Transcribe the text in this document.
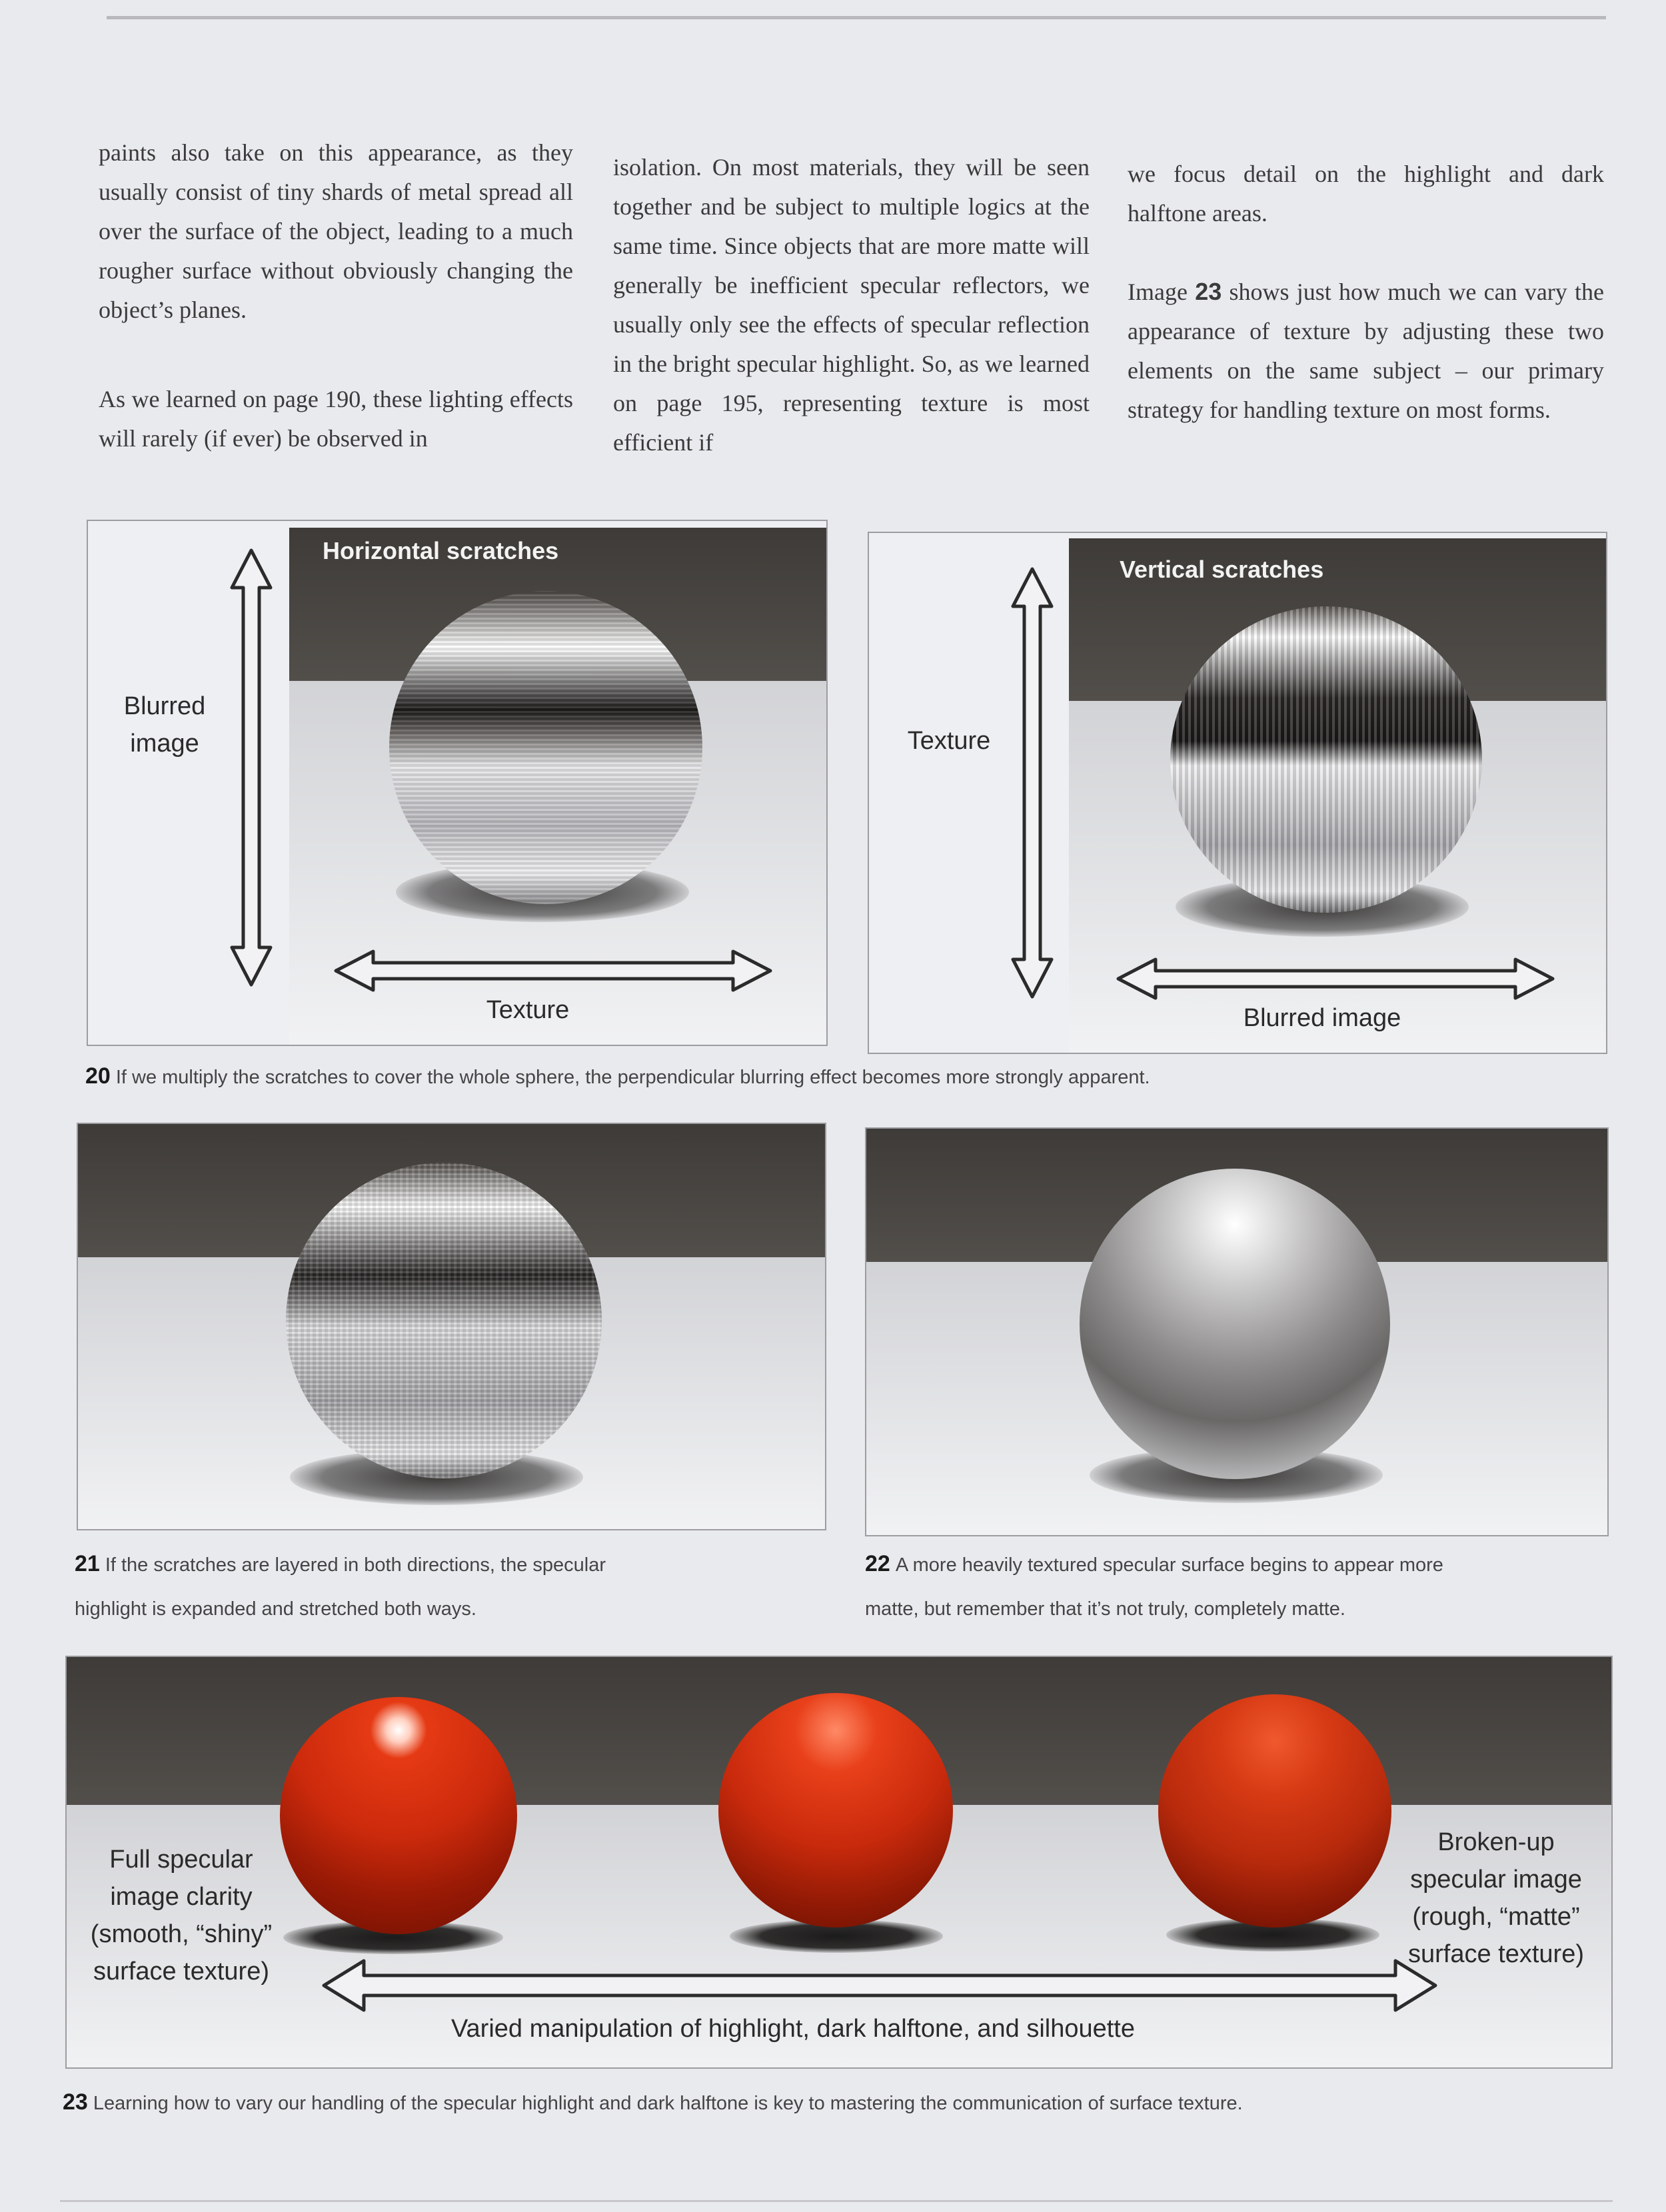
paints also take on this appearance, as they usually consist of tiny shards of metal spread all over the surface of the object, leading to a much rougher surface without obviously changing the object’s planes.

As we learned on page 190, these lighting effects will rarely (if ever) be observed in

isolation. On most materials, they will be seen together and be subject to multiple logics at the same time. Since objects that are more matte will generally be inefficient specular reflectors, we usually only see the effects of specular reflection in the bright specular highlight. So, as we learned on page 195, representing texture is most efficient if

we focus detail on the highlight and dark halftone areas.

Image 23 shows just how much we can vary the appearance of texture by adjusting these two elements on the same subject – our primary strategy for handling texture on most forms.

Horizontal scratches
Blurred image
Texture
Vertical scratches
Texture
Blurred image
20 If we multiply the scratches to cover the whole sphere, the perpendicular blurring effect becomes more strongly apparent.
21 If the scratches are layered in both directions, the specular
highlight is expanded and stretched both ways.
22 A more heavily textured specular surface begins to appear more
matte, but remember that it’s not truly, completely matte.
Full specular image clarity (smooth, “shiny” surface texture)
Broken-up specular image (rough, “matte” surface texture)
Varied manipulation of highlight, dark halftone, and silhouette
23 Learning how to vary our handling of the specular highlight and dark halftone is key to mastering the communication of surface texture.
